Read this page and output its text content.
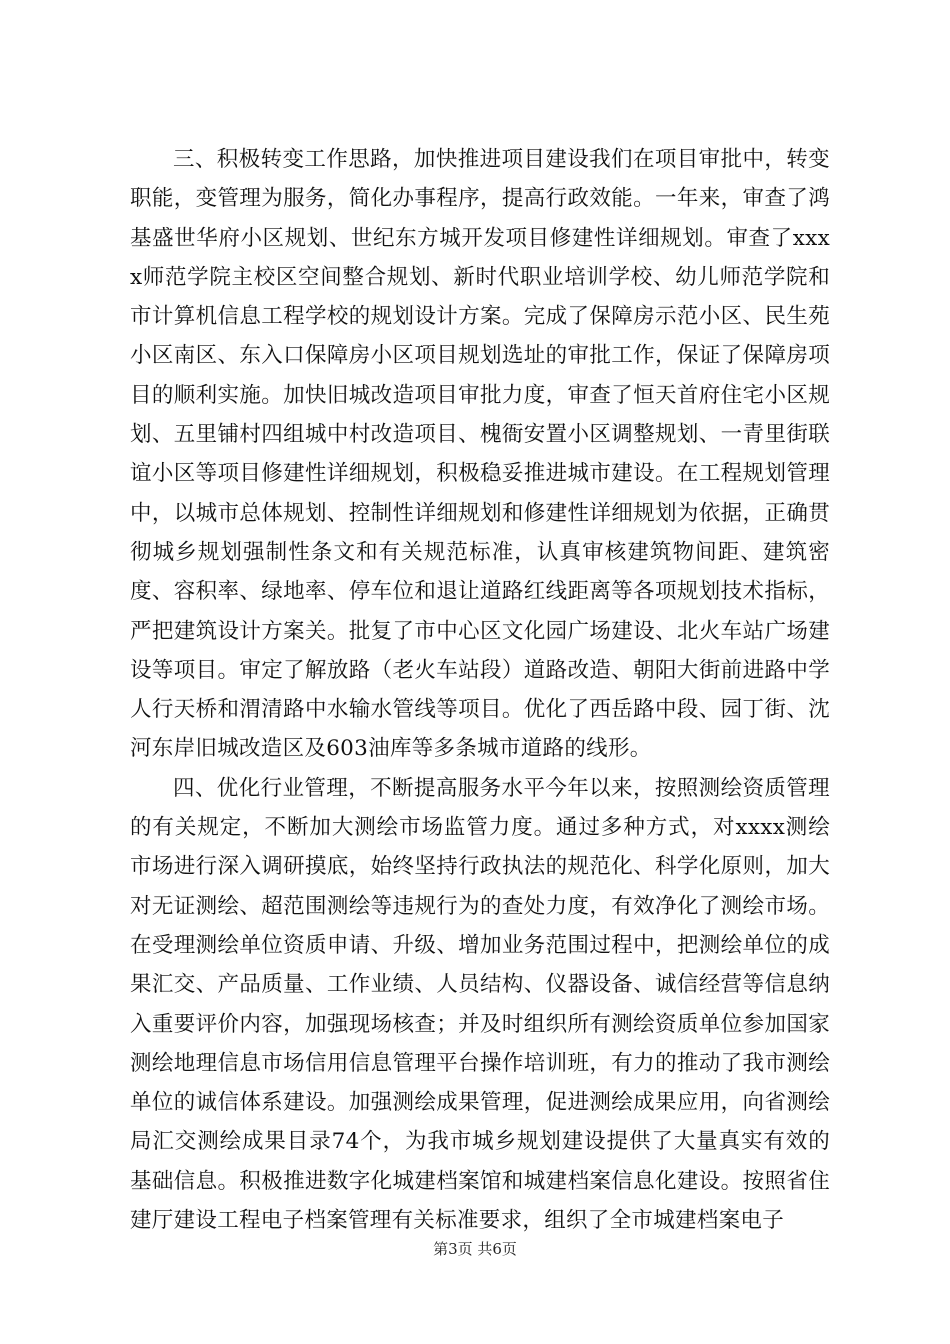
三、积极转变工作思路，加快推进项目建设我们在项目审批中，转变职能，变管理为服务，简化办事程序，提高行政效能。一年来，审查了鸿基盛世华府小区规划、世纪东方城开发项目修建性详细规划。审查了xxxx师范学院主校区空间整合规划、新时代职业培训学校、幼儿师范学院和市计算机信息工程学校的规划设计方案。完成了保障房示范小区、民生苑小区南区、东入口保障房小区项目规划选址的审批工作，保证了保障房项目的顺利实施。加快旧城改造项目审批力度，审查了恒天首府住宅小区规划、五里铺村四组城中村改造项目、槐衙安置小区调整规划、一青里街联谊小区等项目修建性详细规划，积极稳妥推进城市建设。在工程规划管理中，以城市总体规划、控制性详细规划和修建性详细规划为依据，正确贯彻城乡规划强制性条文和有关规范标准，认真审核建筑物间距、建筑密度、容积率、绿地率、停车位和退让道路红线距离等各项规划技术指标，严把建筑设计方案关。批复了市中心区文化园广场建设、北火车站广场建设等项目。审定了解放路（老火车站段）道路改造、朝阳大街前进路中学人行天桥和渭清路中水输水管线等项目。优化了西岳路中段、园丁街、沈河东岸旧城改造区及603油库等多条城市道路的线形。

四、优化行业管理，不断提高服务水平今年以来，按照测绘资质管理的有关规定，不断加大测绘市场监管力度。通过多种方式，对xxxx测绘市场进行深入调研摸底，始终坚持行政执法的规范化、科学化原则，加大对无证测绘、超范围测绘等违规行为的查处力度，有效净化了测绘市场。在受理测绘单位资质申请、升级、增加业务范围过程中，把测绘单位的成果汇交、产品质量、工作业绩、人员结构、仪器设备、诚信经营等信息纳入重要评价内容，加强现场核查；并及时组织所有测绘资质单位参加国家测绘地理信息市场信用信息管理平台操作培训班，有力的推动了我市测绘单位的诚信体系建设。加强测绘成果管理，促进测绘成果应用，向省测绘局汇交测绘成果目录74个，为我市城乡规划建设提供了大量真实有效的基础信息。积极推进数字化城建档案馆和城建档案信息化建设。按照省住建厅建设工程电子档案管理有关标准要求，组织了全市城建档案电子

第3页 共6页
